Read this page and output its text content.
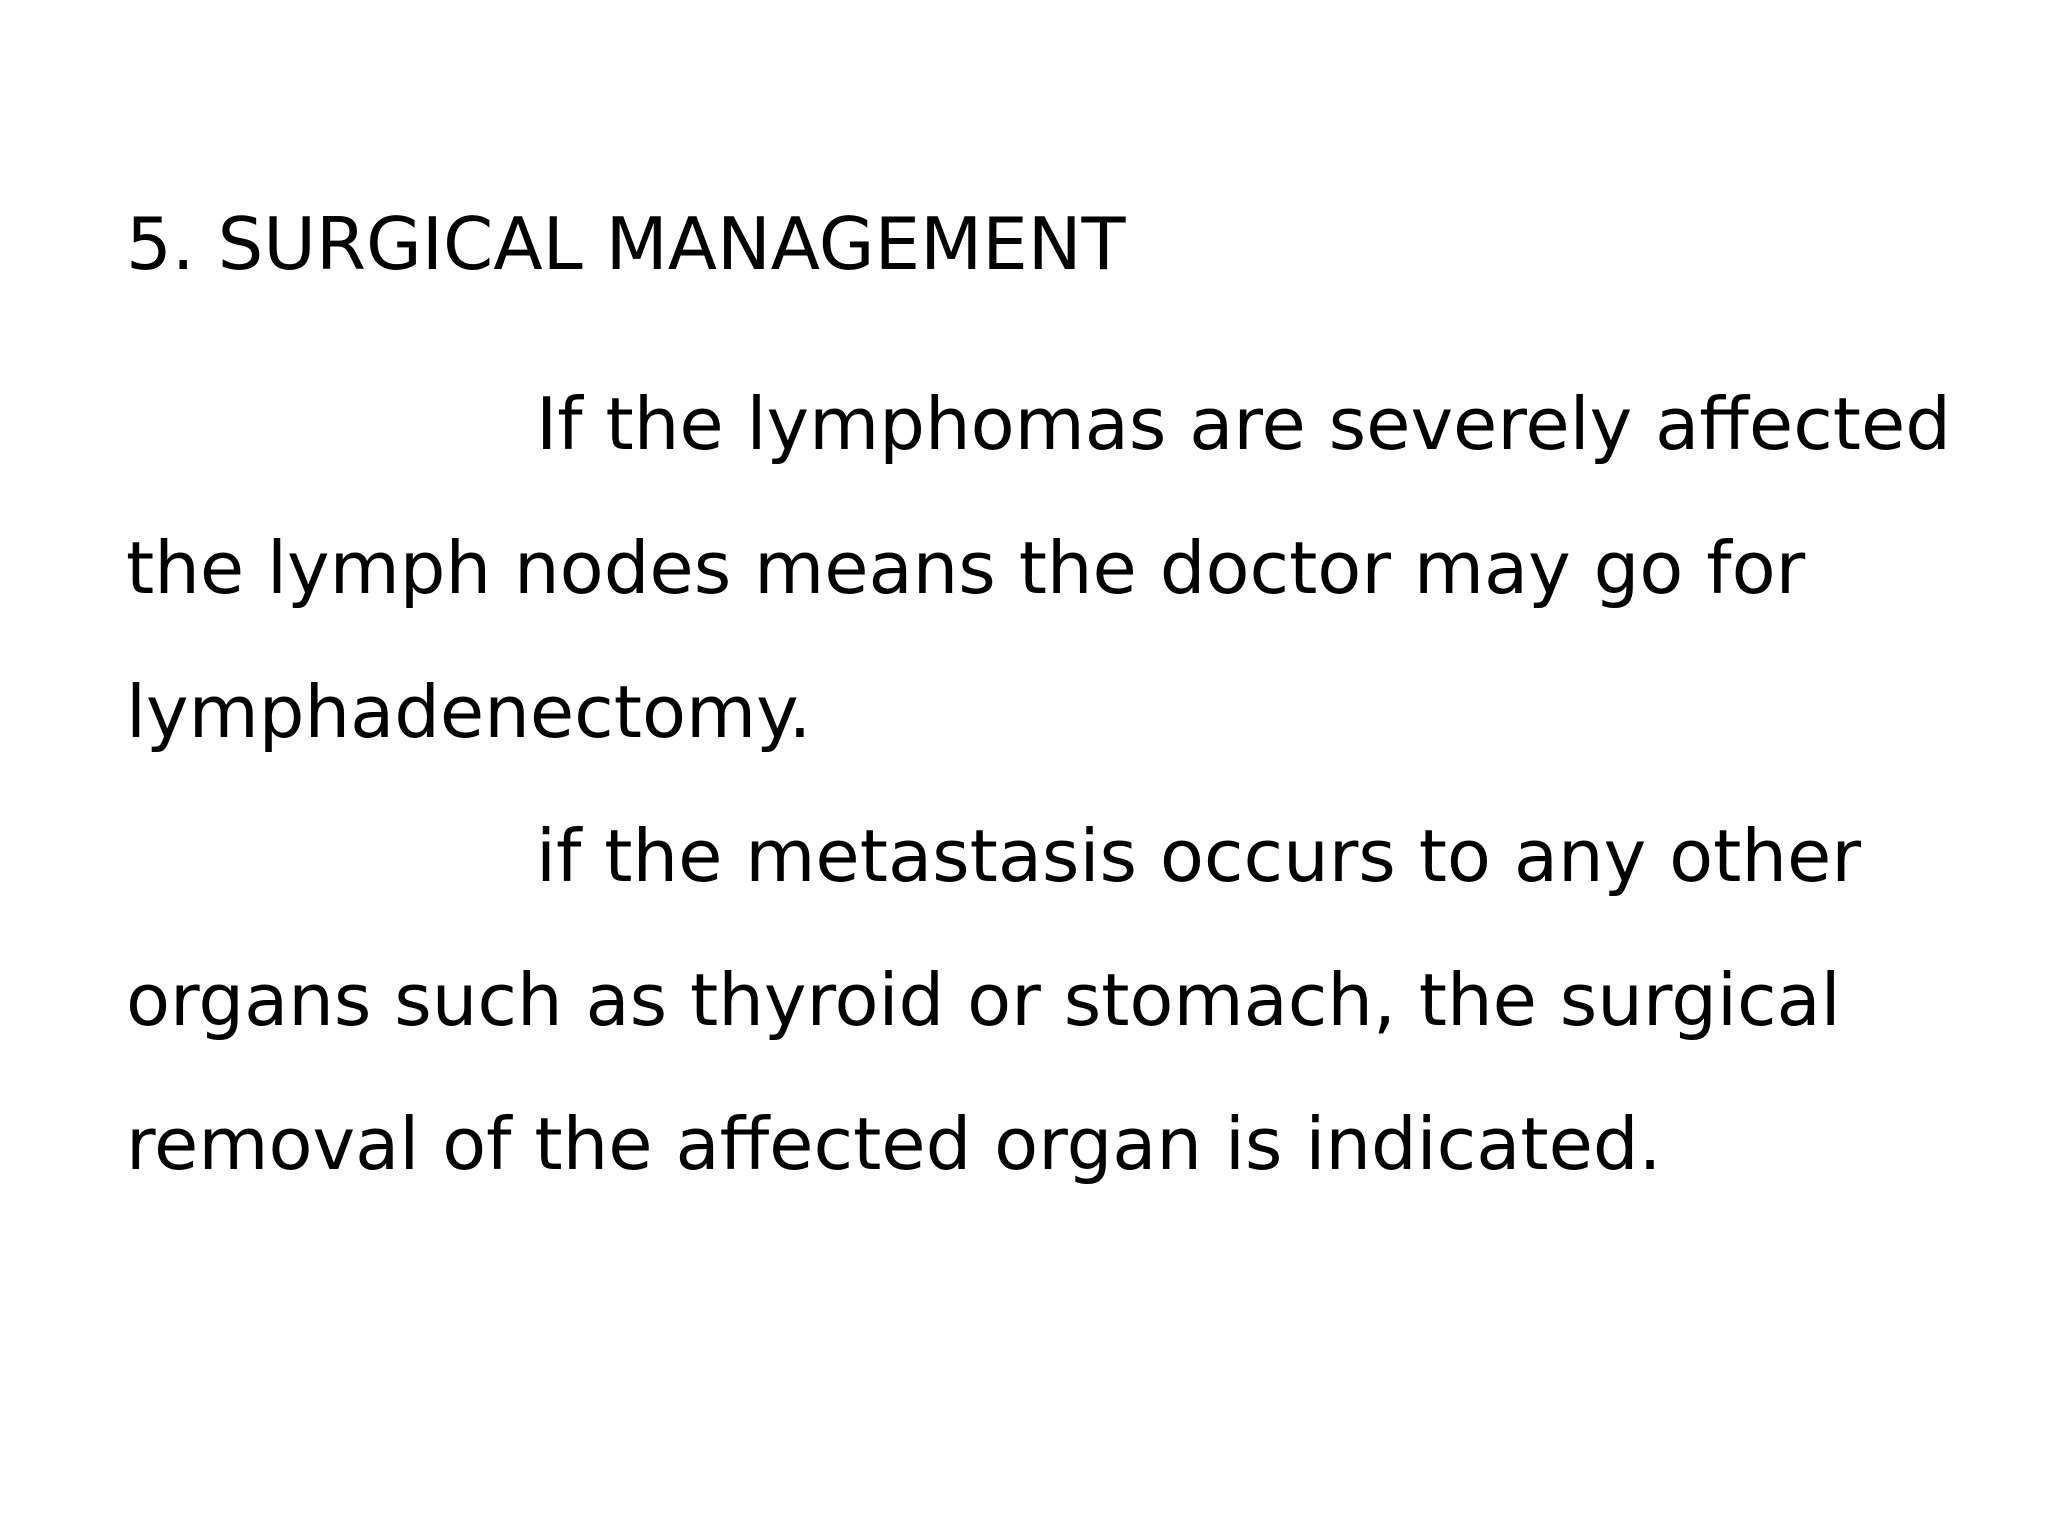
5. SURGICAL MANAGEMENT
If the lymphomas are severely affected
the lymph nodes means the doctor may go for
lymphadenectomy.
if the metastasis occurs to any other
organs such as thyroid or stomach, the surgical
removal of the affected organ is indicated.
